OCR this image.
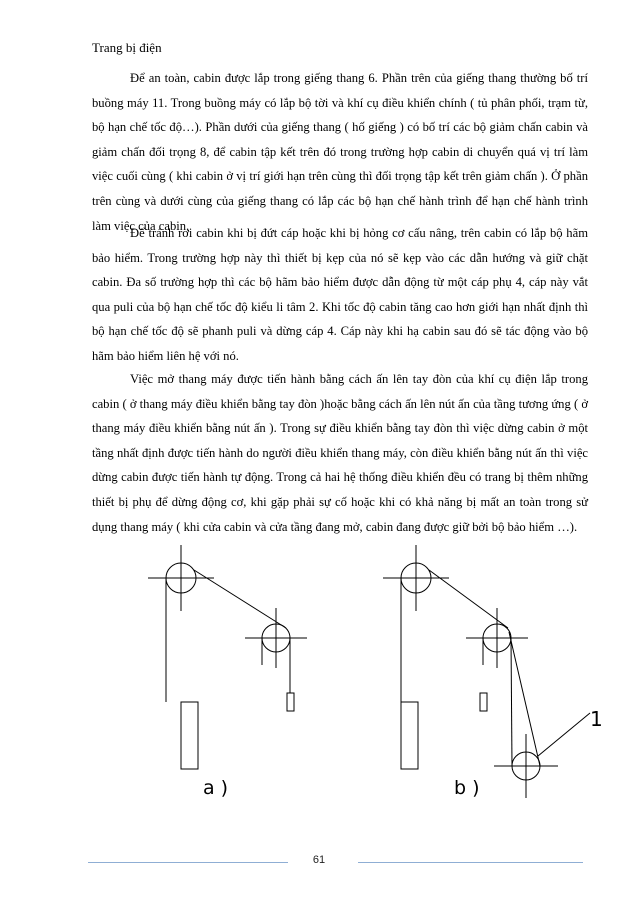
Trang bị điện

Để an toàn, cabin được lắp trong giếng thang 6. Phần trên của giếng thang thường bố trí buồng máy 11. Trong buồng máy có lắp bộ tời và khí cụ điều khiển chính ( tủ phân phối, trạm từ, bộ hạn chế tốc độ…). Phần dưới của giếng thang ( hố giếng ) có bố trí các bộ giảm chấn cabin và giảm chấn đối trọng 8, để cabin tập kết trên đó trong trường hợp cabin di chuyển quá vị trí làm việc cuối cùng ( khi cabin ở vị trí giới hạn trên cùng thì đối trọng tập kết trên giảm chấn ). Ở phần trên cùng và dưới cùng của giếng thang có lắp các bộ hạn chế hành trình để hạn chế hành trình làm việc của cabin.

Để tránh rơi cabin khi bị đứt cáp hoặc khi bị hỏng cơ cấu nâng, trên cabin có lắp bộ hãm bảo hiểm. Trong trường hợp này thì thiết bị kẹp của nó sẽ kẹp vào các dẫn hướng và giữ chặt cabin. Đa số trường hợp thì các bộ hãm bảo hiểm được dẫn động từ một cáp phụ 4, cáp này vắt qua puli của bộ hạn chế tốc độ kiểu li tâm 2. Khi tốc độ cabin tăng cao hơn giới hạn nhất định thì bộ hạn chế tốc độ sẽ phanh puli và dừng cáp 4. Cáp này khi hạ cabin sau đó sẽ tác động vào bộ hãm bảo hiểm liên hệ với nó.

Việc mở thang máy được tiến hành bằng cách ấn lên tay đòn của khí cụ điện lắp trong cabin ( ở thang máy điều khiển bằng tay đòn )hoặc bằng cách ấn lên nút ấn của tầng tương ứng ( ở thang máy điều khiển bằng nút ấn ). Trong sự điều khiển bằng tay đòn thì việc dừng cabin ở một tầng nhất định được tiến hành do người điều khiển thang máy, còn điều khiển bằng nút ấn thì việc dừng cabin được tiến hành tự động. Trong cả hai hệ thống điều khiển đều có trang bị thêm những thiết bị phụ để dừng động cơ, khi gặp phải sự cố hoặc khi có khả năng bị mất an toàn trong sử dụng thang máy ( khi cửa cabin và cửa tầng đang mở, cabin đang được giữ bởi bộ bảo hiểm …).

a )	b )
1
61
